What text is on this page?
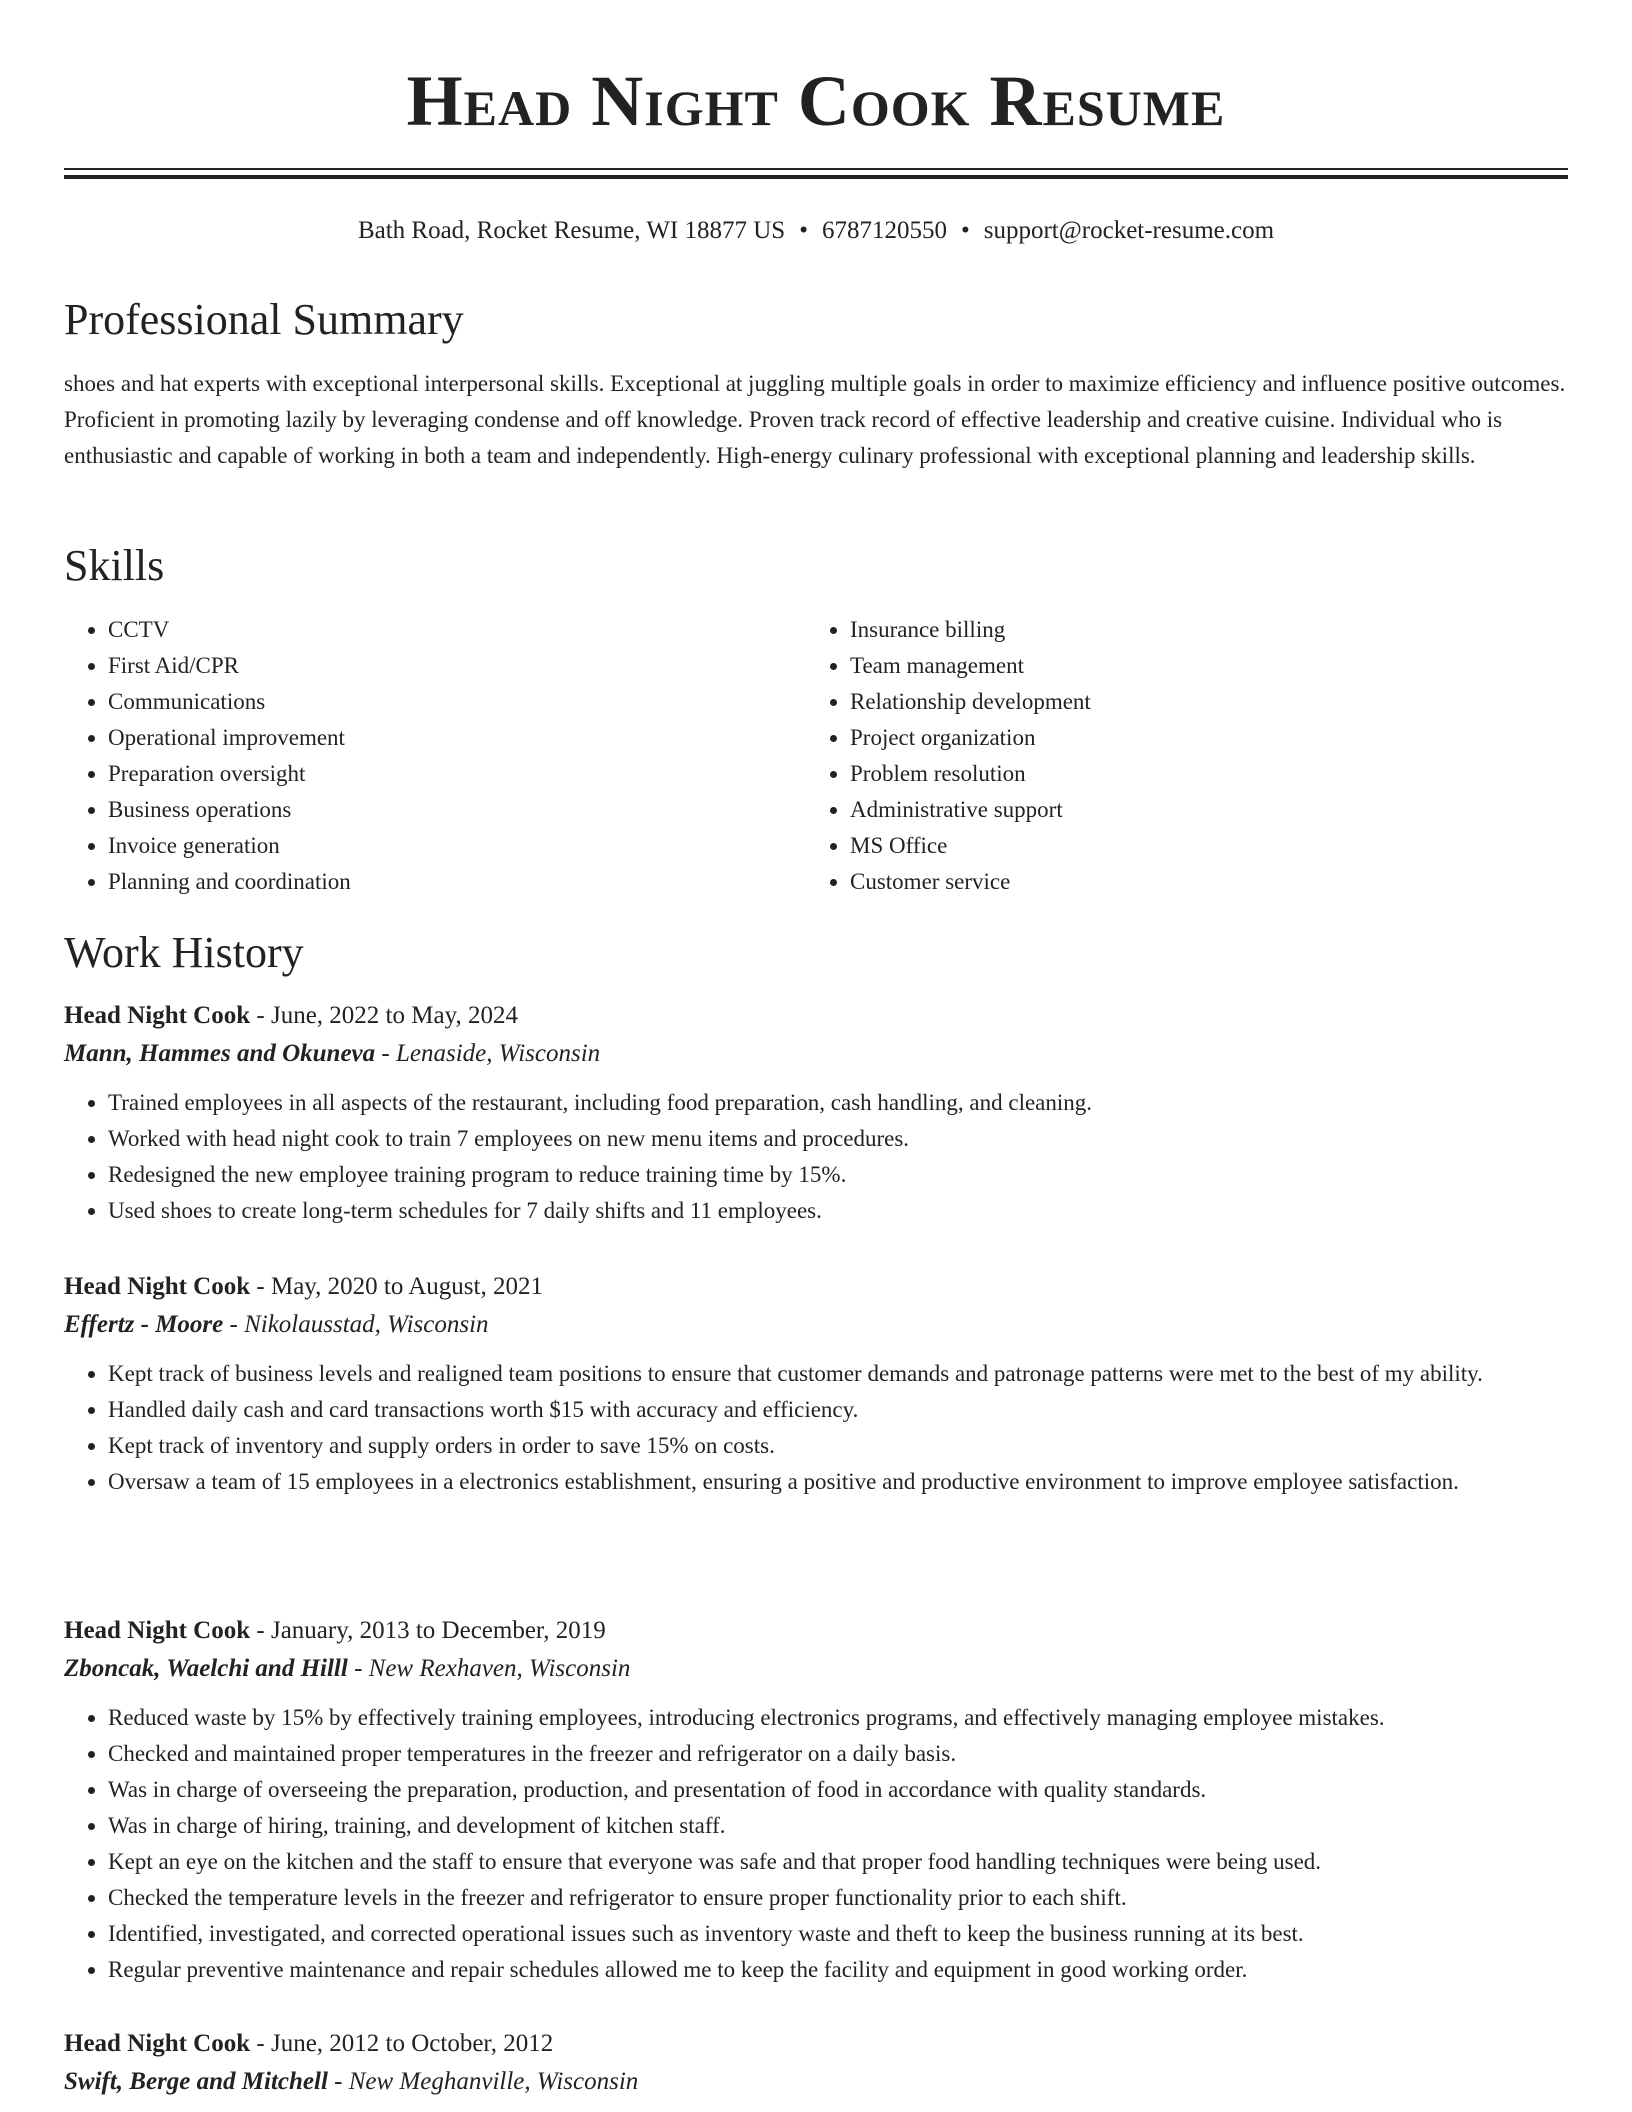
Head Night Cook Resume
Bath Road, Rocket Resume, WI 18877 US • 6787120550 • support@rocket-resume.com
Professional Summary

shoes and hat experts with exceptional interpersonal skills. Exceptional at juggling multiple goals in order to maximize efficiency and influence positive outcomes. Proficient in promoting lazily by leveraging condense and off knowledge. Proven track record of effective leadership and creative cuisine. Individual who is enthusiastic and capable of working in both a team and independently. High-energy culinary professional with exceptional planning and leadership skills.

Skills
• CCTV
• First Aid/CPR
• Communications
• Operational improvement
• Preparation oversight
• Business operations
• Invoice generation
• Planning and coordination
• Insurance billing
• Team management
• Relationship development
• Project organization
• Problem resolution
• Administrative support
• MS Office
• Customer service
Work History

Head Night Cook - June, 2022 to May, 2024

Mann, Hammes and Okuneva - Lenaside, Wisconsin

• Trained employees in all aspects of the restaurant, including food preparation, cash handling, and cleaning.
• Worked with head night cook to train 7 employees on new menu items and procedures.
• Redesigned the new employee training program to reduce training time by 15%.
• Used shoes to create long-term schedules for 7 daily shifts and 11 employees.

Head Night Cook - May, 2020 to August, 2021

Effertz - Moore - Nikolausstad, Wisconsin

• Kept track of business levels and realigned team positions to ensure that customer demands and patronage patterns were met to the best of my ability.
• Handled daily cash and card transactions worth $15 with accuracy and efficiency.
• Kept track of inventory and supply orders in order to save 15% on costs.
• Oversaw a team of 15 employees in a electronics establishment, ensuring a positive and productive environment to improve employee satisfaction.

Head Night Cook - January, 2013 to December, 2019

Zboncak, Waelchi and Hilll - New Rexhaven, Wisconsin

• Reduced waste by 15% by effectively training employees, introducing electronics programs, and effectively managing employee mistakes.
• Checked and maintained proper temperatures in the freezer and refrigerator on a daily basis.
• Was in charge of overseeing the preparation, production, and presentation of food in accordance with quality standards.
• Was in charge of hiring, training, and development of kitchen staff.
• Kept an eye on the kitchen and the staff to ensure that everyone was safe and that proper food handling techniques were being used.
• Checked the temperature levels in the freezer and refrigerator to ensure proper functionality prior to each shift.
• Identified, investigated, and corrected operational issues such as inventory waste and theft to keep the business running at its best.
• Regular preventive maintenance and repair schedules allowed me to keep the facility and equipment in good working order.

Head Night Cook - June, 2012 to October, 2012

Swift, Berge and Mitchell - New Meghanville, Wisconsin
